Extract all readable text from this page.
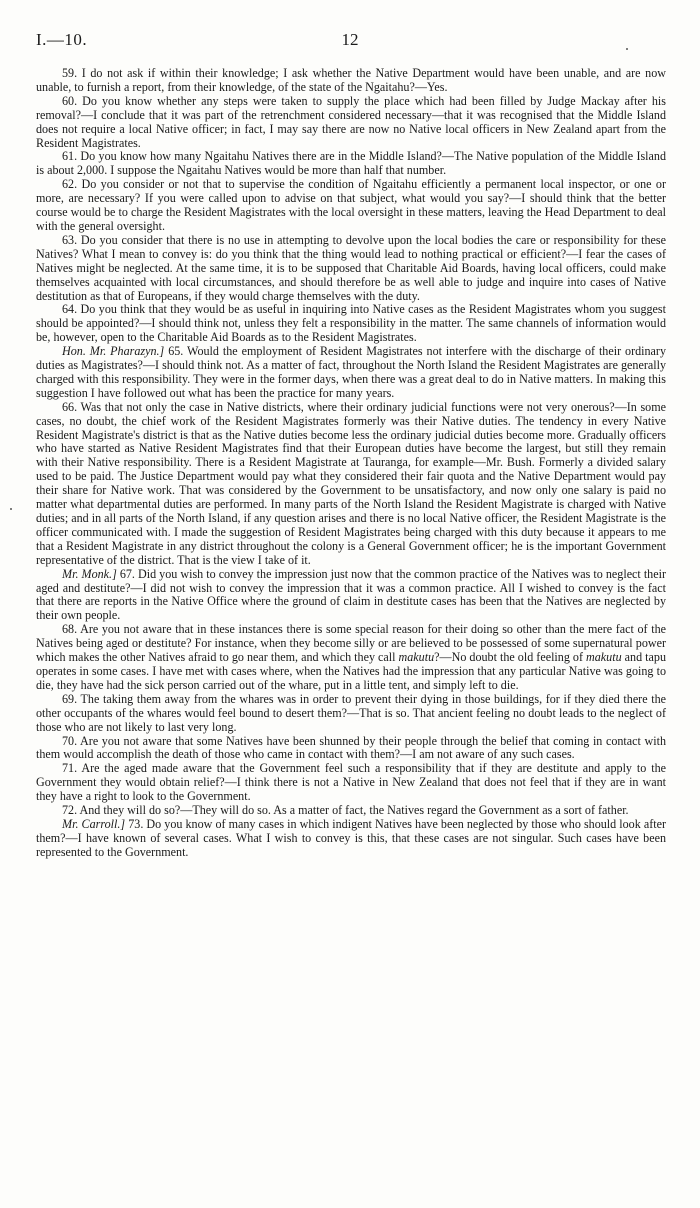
I.—10.	12

59. I do not ask if within their knowledge; I ask whether the Native Department would have been unable, and are now unable, to furnish a report, from their knowledge, of the state of the Ngaitahu?—Yes.

60. Do you know whether any steps were taken to supply the place which had been filled by Judge Mackay after his removal?—I conclude that it was part of the retrenchment considered necessary—that it was recognised that the Middle Island does not require a local Native officer; in fact, I may say there are now no Native local officers in New Zealand apart from the Resident Magistrates.

61. Do you know how many Ngaitahu Natives there are in the Middle Island?—The Native population of the Middle Island is about 2,000. I suppose the Ngaitahu Natives would be more than half that number.

62. Do you consider or not that to supervise the condition of Ngaitahu efficiently a permanent local inspector, or one or more, are necessary? If you were called upon to advise on that subject, what would you say?—I should think that the better course would be to charge the Resident Magistrates with the local oversight in these matters, leaving the Head Department to deal with the general oversight.

63. Do you consider that there is no use in attempting to devolve upon the local bodies the care or responsibility for these Natives? What I mean to convey is: do you think that the thing would lead to nothing practical or efficient?—I fear the cases of Natives might be neglected. At the same time, it is to be supposed that Charitable Aid Boards, having local officers, could make themselves acquainted with local circumstances, and should therefore be as well able to judge and inquire into cases of Native destitution as that of Europeans, if they would charge themselves with the duty.

64. Do you think that they would be as useful in inquiring into Native cases as the Resident Magistrates whom you suggest should be appointed?—I should think not, unless they felt a responsibility in the matter. The same channels of information would be, however, open to the Charitable Aid Boards as to the Resident Magistrates.

Hon. Mr. Pharazyn.] 65. Would the employment of Resident Magistrates not interfere with the discharge of their ordinary duties as Magistrates?—I should think not. As a matter of fact, throughout the North Island the Resident Magistrates are generally charged with this responsibility. They were in the former days, when there was a great deal to do in Native matters. In making this suggestion I have followed out what has been the practice for many years.

66. Was that not only the case in Native districts, where their ordinary judicial functions were not very onerous?—In some cases, no doubt, the chief work of the Resident Magistrates formerly was their Native duties. The tendency in every Native Resident Magistrate's district is that as the Native duties become less the ordinary judicial duties become more. Gradually officers who have started as Native Resident Magistrates find that their European duties have become the largest, but still they remain with their Native responsibility. There is a Resident Magistrate at Tauranga, for example—Mr. Bush. Formerly a divided salary used to be paid. The Justice Department would pay what they considered their fair quota and the Native Department would pay their share for Native work. That was considered by the Government to be unsatisfactory, and now only one salary is paid no matter what departmental duties are performed. In many parts of the North Island the Resident Magistrate is charged with Native duties; and in all parts of the North Island, if any question arises and there is no local Native officer, the Resident Magistrate is the officer communicated with. I made the suggestion of Resident Magistrates being charged with this duty because it appears to me that a Resident Magistrate in any district throughout the colony is a General Government officer; he is the important Government representative of the district. That is the view I take of it.

Mr. Monk.] 67. Did you wish to convey the impression just now that the common practice of the Natives was to neglect their aged and destitute?—I did not wish to convey the impression that it was a common practice. All I wished to convey is the fact that there are reports in the Native Office where the ground of claim in destitute cases has been that the Natives are neglected by their own people.

68. Are you not aware that in these instances there is some special reason for their doing so other than the mere fact of the Natives being aged or destitute? For instance, when they become silly or are believed to be possessed of some supernatural power which makes the other Natives afraid to go near them, and which they call makutu?—No doubt the old feeling of makutu and tapu operates in some cases. I have met with cases where, when the Natives had the impression that any particular Native was going to die, they have had the sick person carried out of the whare, put in a little tent, and simply left to die.

69. The taking them away from the whares was in order to prevent their dying in those buildings, for if they died there the other occupants of the whares would feel bound to desert them?—That is so. That ancient feeling no doubt leads to the neglect of those who are not likely to last very long.

70. Are you not aware that some Natives have been shunned by their people through the belief that coming in contact with them would accomplish the death of those who came in contact with them?—I am not aware of any such cases.

71. Are the aged made aware that the Government feel such a responsibility that if they are destitute and apply to the Government they would obtain relief?—I think there is not a Native in New Zealand that does not feel that if they are in want they have a right to look to the Government.

72. And they will do so?—They will do so. As a matter of fact, the Natives regard the Government as a sort of father.

Mr. Carroll.] 73. Do you know of many cases in which indigent Natives have been neglected by those who should look after them?—I have known of several cases. What I wish to convey is this, that these cases are not singular. Such cases have been represented to the Government.
